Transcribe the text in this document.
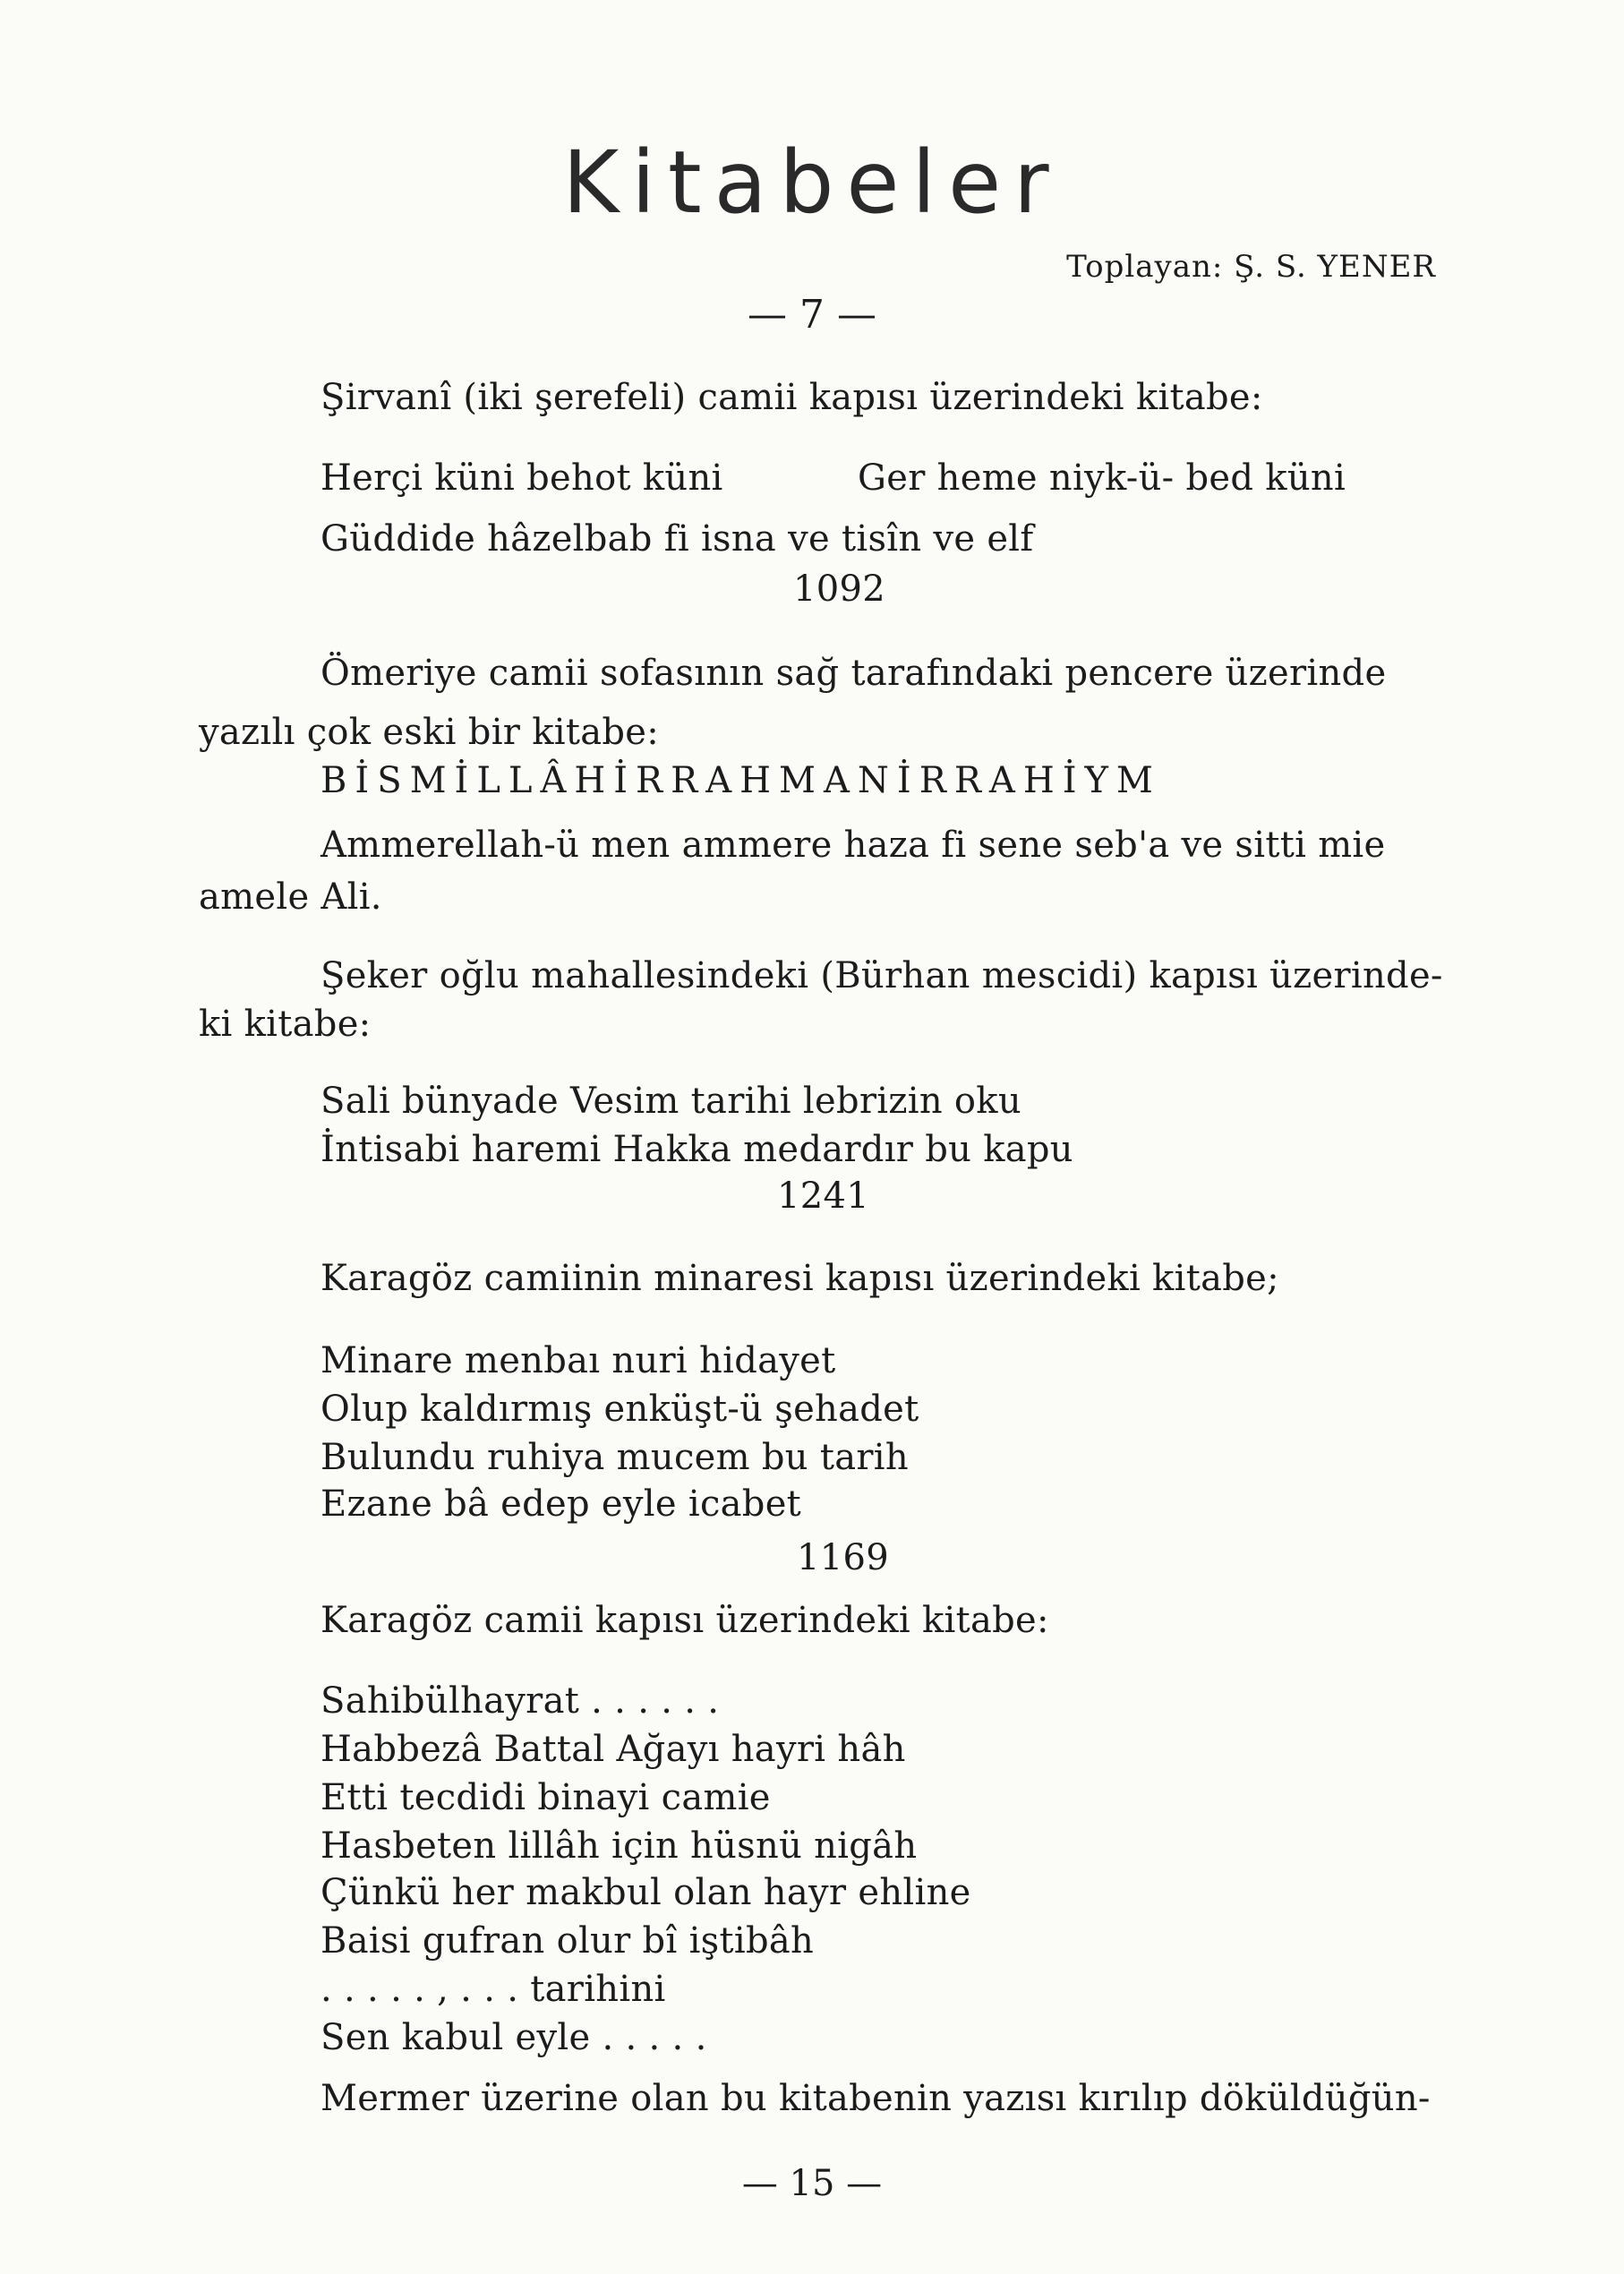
Kitabeler
Toplayan: Ş. S. YENER
— 7 —
Şirvanî (iki şerefeli) camii kapısı üzerindeki kitabe:
Herçi küni behot küni	Ger heme niyk-ü- bed küni
Güddide hâzelbab fi isna ve tisîn ve elf
1092
Ömeriye camii sofasının sağ tarafındaki pencere üzerinde
yazılı çok eski bir kitabe:
BİSMİLLÂHİRRAHMANİRRAHİYM
Ammerellah-ü men ammere haza fi sene seb'a ve sitti mie
amele Ali.
Şeker oğlu mahallesindeki (Bürhan mescidi) kapısı üzerinde-
ki kitabe:
Sali bünyade Vesim tarihi lebrizin oku
İntisabi haremi Hakka medardır bu kapu
1241
Karagöz camiinin minaresi kapısı üzerindeki kitabe;
Minare menbaı nuri hidayet
Olup kaldırmış enküşt-ü şehadet
Bulundu ruhiya mucem bu tarih
Ezane bâ edep eyle icabet
1169
Karagöz camii kapısı üzerindeki kitabe:
Sahibülhayrat . . . . . .
Habbezâ Battal Ağayı hayri hâh
Etti tecdidi binayi camie
Hasbeten lillâh için hüsnü nigâh
Çünkü her makbul olan hayr ehline
Baisi gufran olur bî iştibâh
. . . . . , . . . tarihini
Sen kabul eyle . . . . .
Mermer üzerine olan bu kitabenin yazısı kırılıp döküldüğün-
— 15 —
